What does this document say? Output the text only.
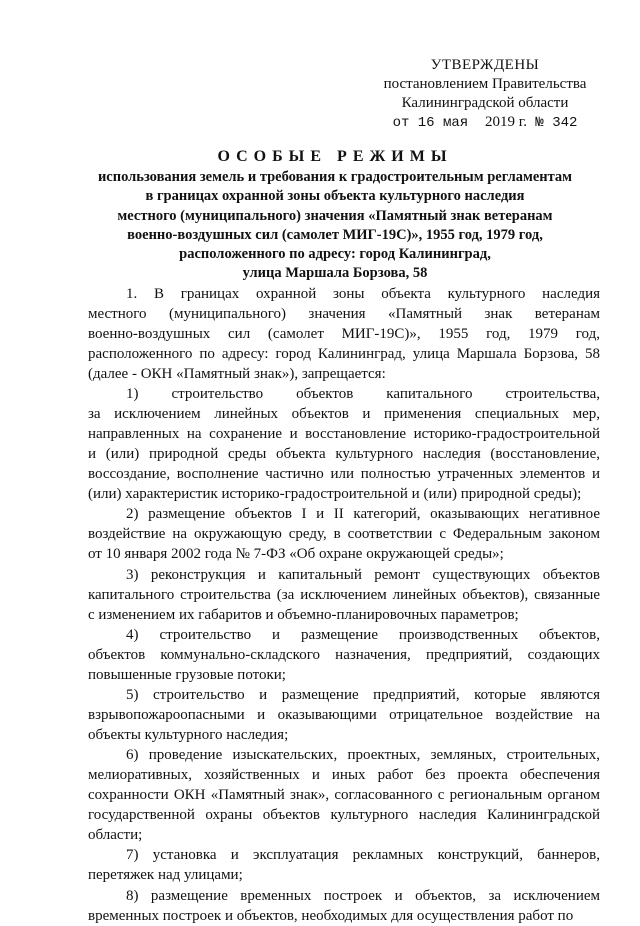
УТВЕРЖДЕНЫ
постановлением Правительства
Калининградской области
от 16 мая 2019 г. № 342
ОСОБЫЕ РЕЖИМЫ
использования земель и требования к градостроительным регламентам
в границах охранной зоны объекта культурного наследия
местного (муниципального) значения «Памятный знак ветеранам
военно-воздушных сил (самолет МИГ-19С)», 1955 год, 1979 год,
расположенного по адресу: город Калининград,
улица Маршала Борзова, 58
1. В границах охранной зоны объекта культурного наследия
местного (муниципального) значения «Памятный знак ветеранам
военно-воздушных сил (самолет МИГ-19С)», 1955 год, 1979 год,
расположенного по адресу: город Калининград, улица Маршала Борзова, 58
(далее - ОКН «Памятный знак»), запрещается:
1) строительство объектов капитального строительства,
за исключением линейных объектов и применения специальных мер,
направленных на сохранение и восстановление историко-градостроительной
и (или) природной среды объекта культурного наследия (восстановление,
воссоздание, восполнение частично или полностью утраченных элементов и
(или) характеристик историко-градостроительной и (или) природной среды);
2) размещение объектов I и II категорий, оказывающих негативное
воздействие на окружающую среду, в соответствии с Федеральным законом
от 10 января 2002 года № 7-ФЗ «Об охране окружающей среды»;
3) реконструкция и капитальный ремонт существующих объектов
капитального строительства (за исключением линейных объектов), связанные
с изменением их габаритов и объемно-планировочных параметров;
4) строительство и размещение производственных объектов,
объектов коммунально-складского назначения, предприятий, создающих
повышенные грузовые потоки;
5) строительство и размещение предприятий, которые являются
взрывопожароопасными и оказывающими отрицательное воздействие на
объекты культурного наследия;
6) проведение изыскательских, проектных, земляных, строительных,
мелиоративных, хозяйственных и иных работ без проекта обеспечения
сохранности ОКН «Памятный знак», согласованного с региональным органом
государственной охраны объектов культурного наследия Калининградской
области;
7) установка и эксплуатация рекламных конструкций, баннеров,
перетяжек над улицами;
8) размещение временных построек и объектов, за исключением
временных построек и объектов, необходимых для осуществления работ по
